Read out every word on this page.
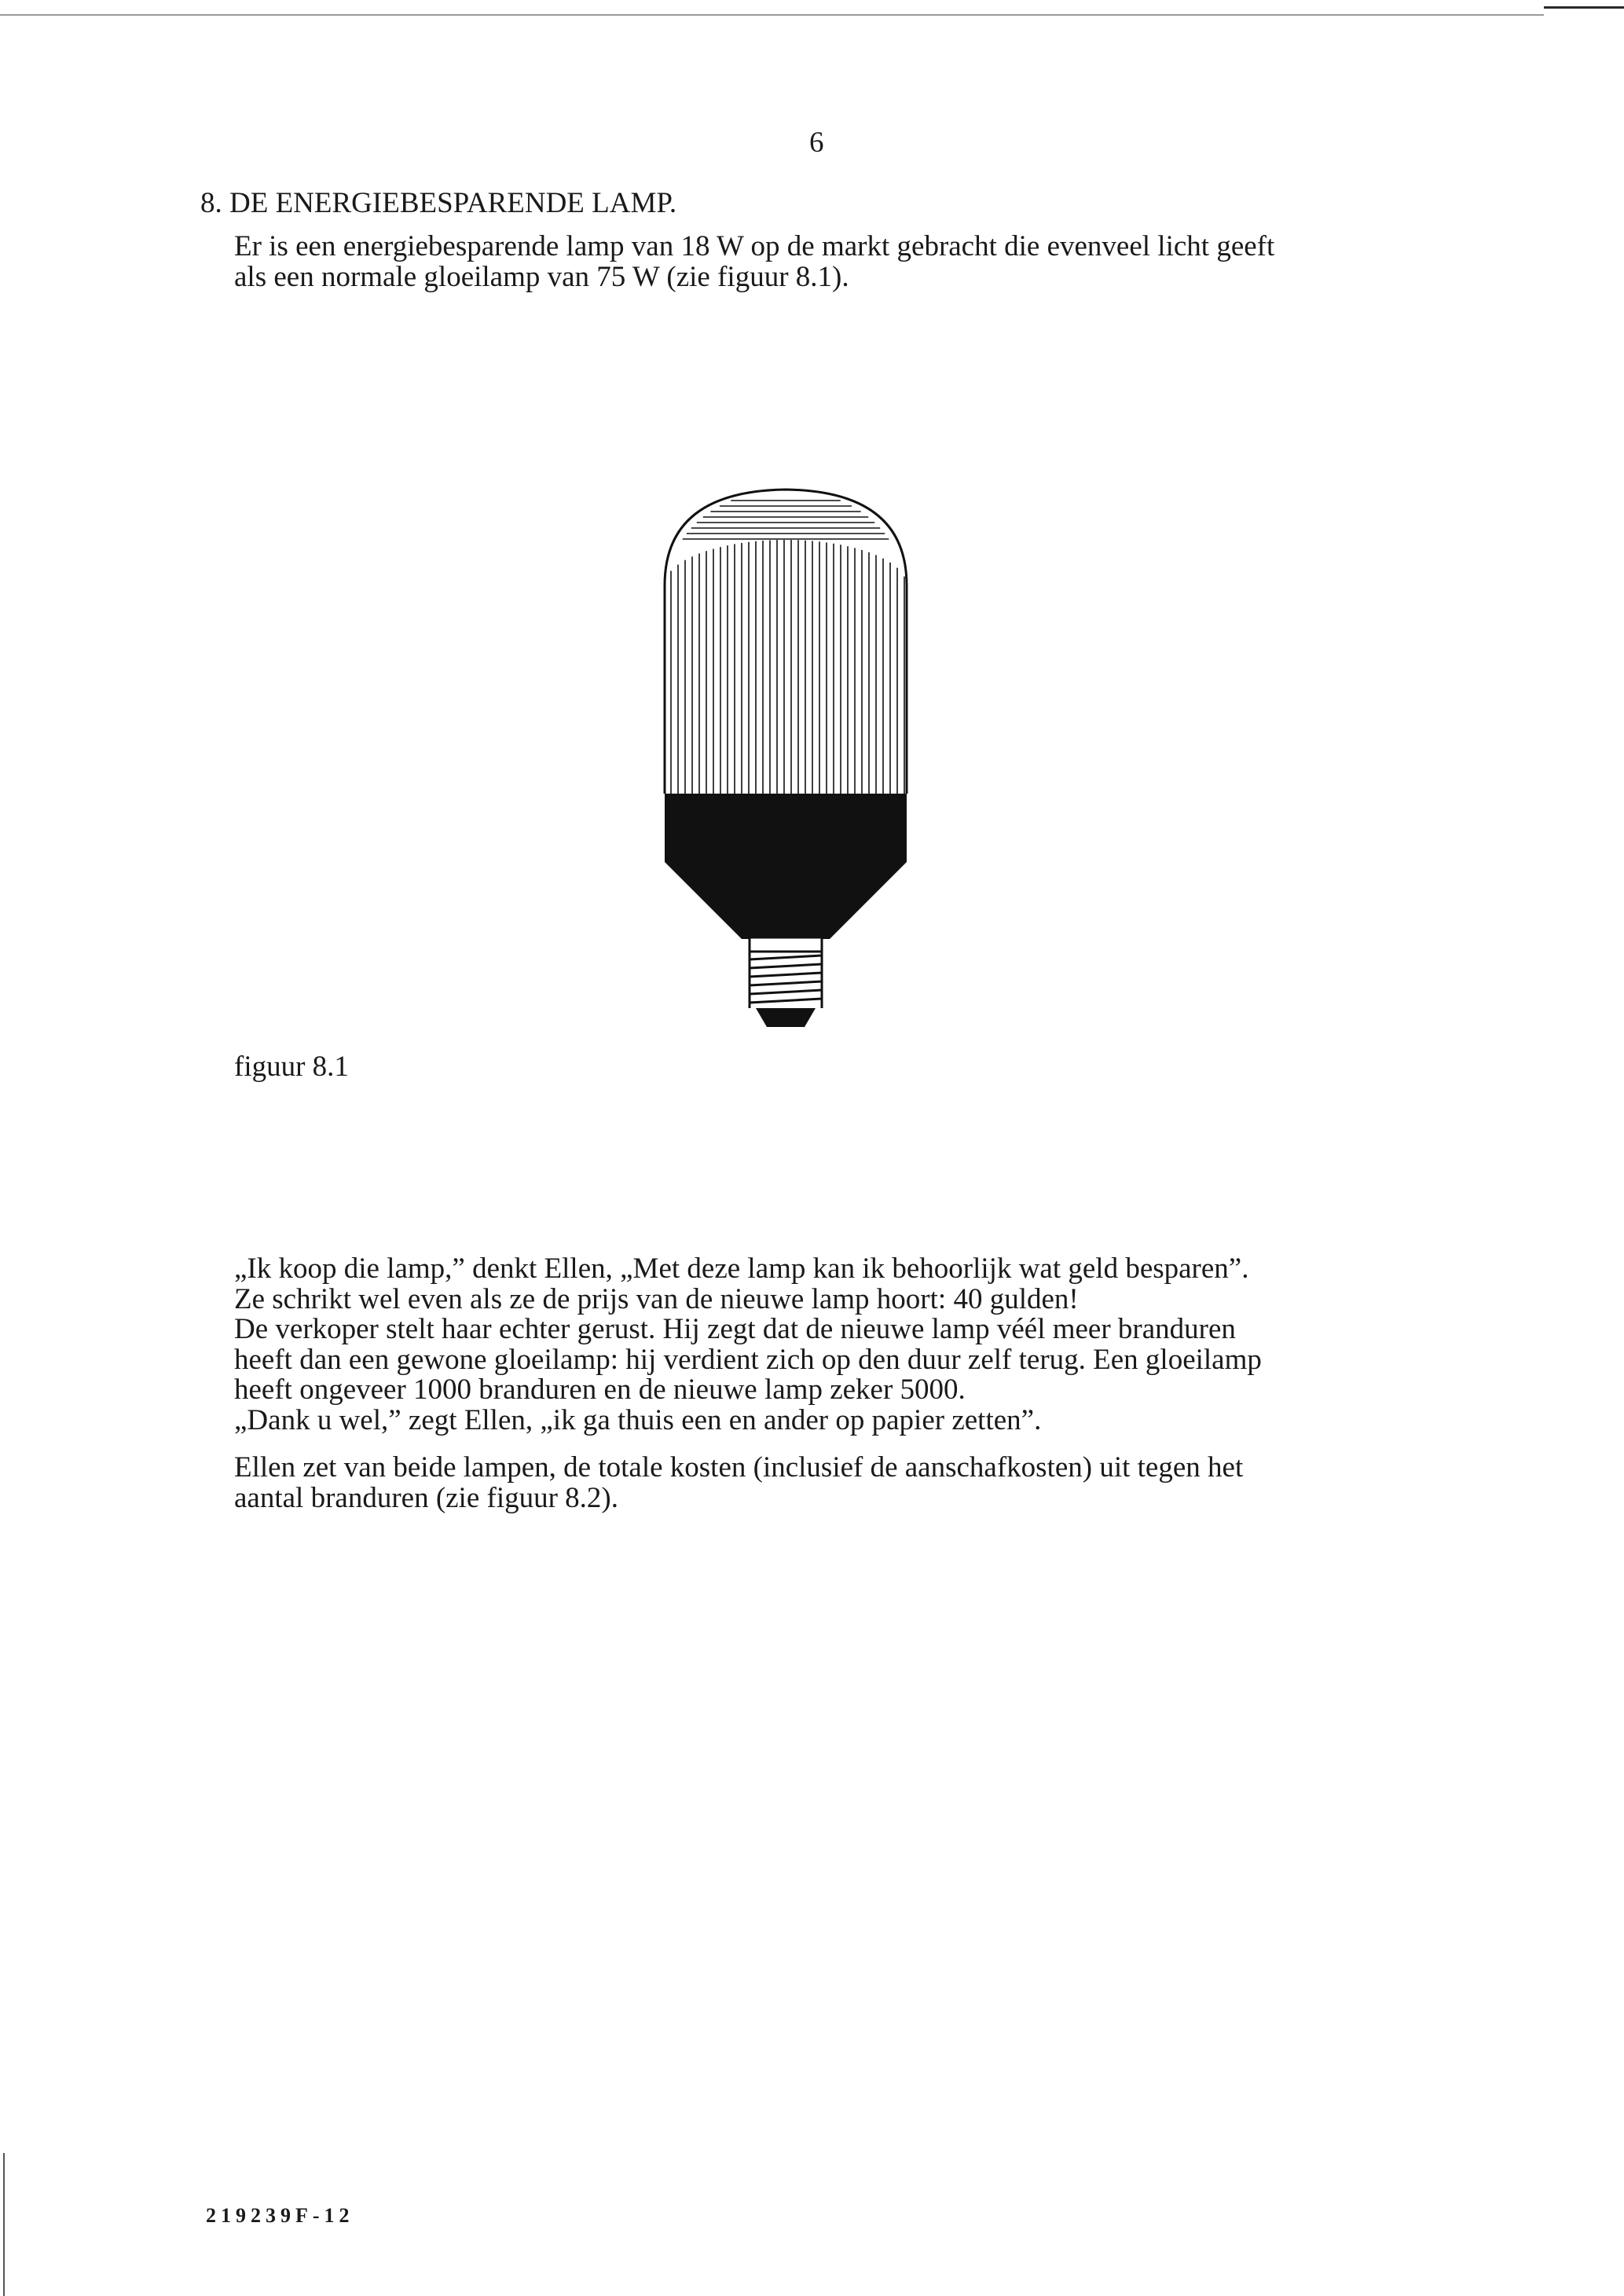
6
8. DE ENERGIEBESPARENDE LAMP.

Er is een energiebesparende lamp van 18 W op de markt gebracht die evenveel licht geeft

als een normale gloeilamp van 75 W (zie figuur 8.1).

figuur 8.1

„Ik koop die lamp,” denkt Ellen, „Met deze lamp kan ik behoorlijk wat geld besparen”.

Ze schrikt wel even als ze de prijs van de nieuwe lamp hoort: 40 gulden!

De verkoper stelt haar echter gerust. Hij zegt dat de nieuwe lamp véél meer branduren

heeft dan een gewone gloeilamp: hij verdient zich op den duur zelf terug. Een gloeilamp

heeft ongeveer 1000 branduren en de nieuwe lamp zeker 5000.

„Dank u wel,” zegt Ellen, „ik ga thuis een en ander op papier zetten”.

Ellen zet van beide lampen, de totale kosten (inclusief de aanschafkosten) uit tegen het

aantal branduren (zie figuur 8.2).

219239F-12
